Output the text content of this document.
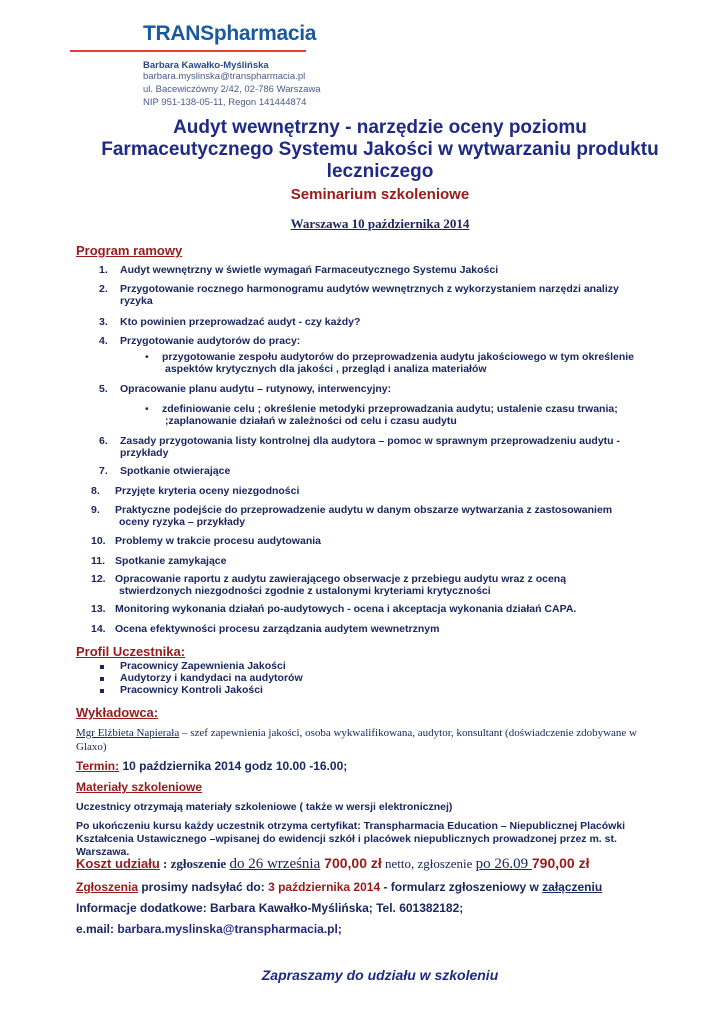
TRANSpharmacia
Barbara Kawałko-Myślińska
barbara.myslinska@transpharmacia.pl
ul. Bacewiczówny 2/42, 02-786 Warszawa
NIP 951-138-05-11, Regon 141444874
Audyt wewnętrzny - narzędzie oceny poziomu
Farmaceutycznego Systemu Jakości w wytwarzaniu produktu
leczniczego
Seminarium szkoleniowe
Warszawa 10 października 2014
Program ramowy
1. Audyt wewnętrzny w świetle wymagań Farmaceutycznego Systemu Jakości
2. Przygotowanie rocznego harmonogramu audytów wewnętrznych z wykorzystaniem narzędzi analizy
ryzyka
3. Kto powinien przeprowadzać audyt - czy każdy?
4. Przygotowanie audytorów do pracy:
• przygotowanie zespołu audytorów do przeprowadzenia audytu jakościowego w tym określenie
aspektów krytycznych dla jakości , przegląd i analiza materiałów
5. Opracowanie planu audytu – rutynowy, interwencyjny:
• zdefiniowanie celu ; określenie metodyki przeprowadzania audytu; ustalenie czasu trwania;
;zaplanowanie działań w zależności od celu i czasu audytu
6. Zasady przygotowania listy kontrolnej dla audytora – pomoc w sprawnym przeprowadzeniu audytu -
przykłady
7. Spotkanie otwierające
8. Przyjęte kryteria oceny niezgodności
9. Praktyczne podejście do przeprowadzenie audytu w danym obszarze wytwarzania z zastosowaniem
oceny ryzyka – przykłady
10. Problemy w trakcie procesu audytowania
11. Spotkanie zamykające
12. Opracowanie raportu z audytu zawierającego obserwacje z przebiegu audytu wraz z oceną
stwierdzonych niezgodności zgodnie z ustalonymi kryteriami krytyczności
13. Monitoring wykonania działań po-audytowych - ocena i akceptacja wykonania działań CAPA.
14. Ocena efektywności procesu zarządzania audytem wewnetrznym
Profil Uczestnika:
Pracownicy Zapewnienia Jakości
Audytorzy i kandydaci na audytorów
Pracownicy Kontroli Jakości
Wykładowca:
Mgr Elżbieta Napierała – szef zapewnienia jakości, osoba wykwalifikowana, audytor, konsultant (doświadczenie zdobywane w
Glaxo)
Termin: 10 października 2014 godz 10.00 -16.00;
Materiały szkoleniowe
Uczestnicy otrzymają materiały szkoleniowe ( także w wersji elektronicznej)
Po ukończeniu kursu każdy uczestnik otrzyma certyfikat: Transpharmacia Education – Niepublicznej Placówki
Kształcenia Ustawicznego –wpisanej do ewidencji szkół i placówek niepublicznych prowadzonej przez m. st.
Warszawa.
Koszt udziału : zgłoszenie do 26 września 700,00 zł netto, zgłoszenie po 26.09 790,00 zł
Zgłoszenia prosimy nadsyłać do: 3 października 2014 - formularz zgłoszeniowy w załączeniu
Informacje dodatkowe: Barbara Kawałko-Myślińska; Tel. 601382182;
e.mail: barbara.myslinska@transpharmacia.pl;
Zapraszamy do udziału w szkoleniu
